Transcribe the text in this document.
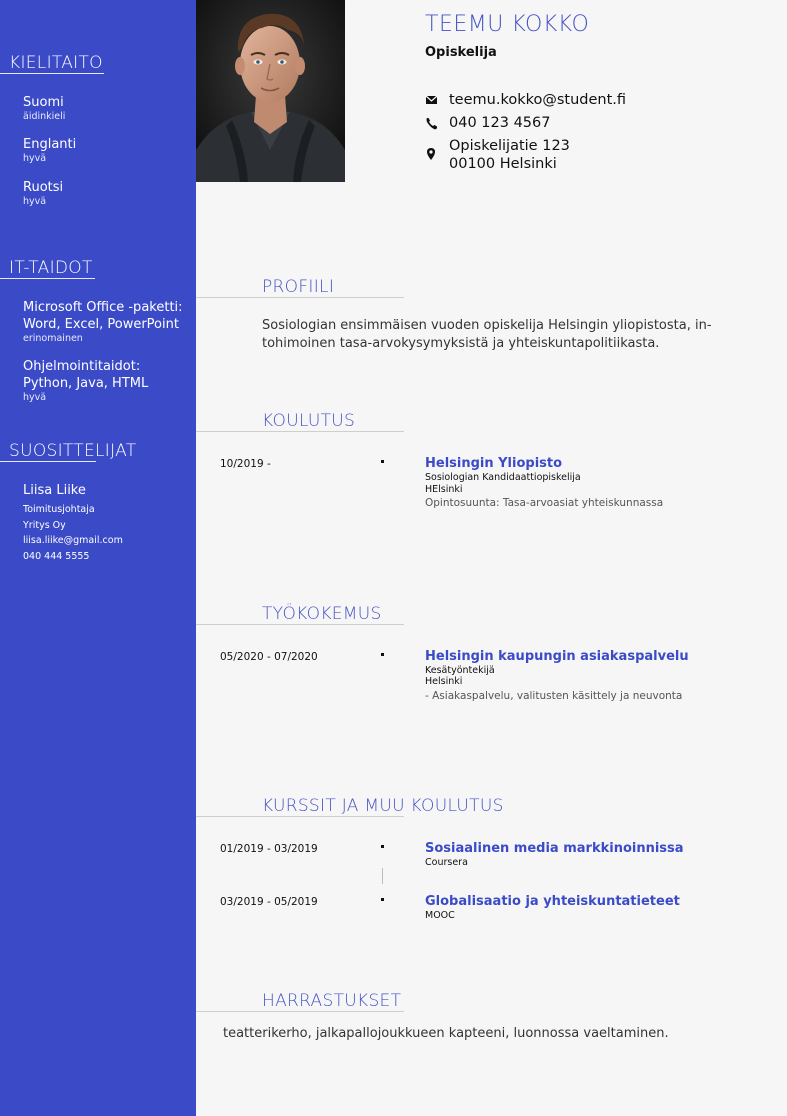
KIELITAITO
Suomi
äidinkieli
Englanti
hyvä
Ruotsi
hyvä
IT-TAIDOT
Microsoft Office -paketti:
Word, Excel, PowerPoint
erinomainen
Ohjelmointitaidot:
Python, Java, HTML
hyvä
SUOSITTELIJAT
Liisa Liike
Toimitusjohtaja
Yritys Oy
liisa.liike@gmail.com
040 444 5555
TEEMU KOKKO
Opiskelija
teemu.kokko@student.fi
040 123 4567
Opiskelijatie 123
00100 Helsinki
PROFIILI
Sosiologian ensimmäisen vuoden opiskelija Helsingin yliopistosta, intohimoinen tasa-arvokysymyksistä ja yhteiskuntapolitiikasta.
KOULUTUS
10/2019 -	Helsingin Yliopisto
Sosiologian Kandidaattiopiskelija
HElsinki
Opintosuunta: Tasa-arvoasiat yhteiskunnassa
TYÖKOKEMUS
05/2020 - 07/2020	Helsingin kaupungin asiakaspalvelu
Kesätyöntekijä
Helsinki
- Asiakaspalvelu, valitusten käsittely ja neuvonta
KURSSIT JA MUU KOULUTUS
01/2019 - 03/2019	Sosiaalinen media markkinoinnissa
Coursera
03/2019 - 05/2019	Globalisaatio ja yhteiskuntatieteet
MOOC
HARRASTUKSET
teatterikerho, jalkapallojoukkueen kapteeni, luonnossa vaeltaminen.
